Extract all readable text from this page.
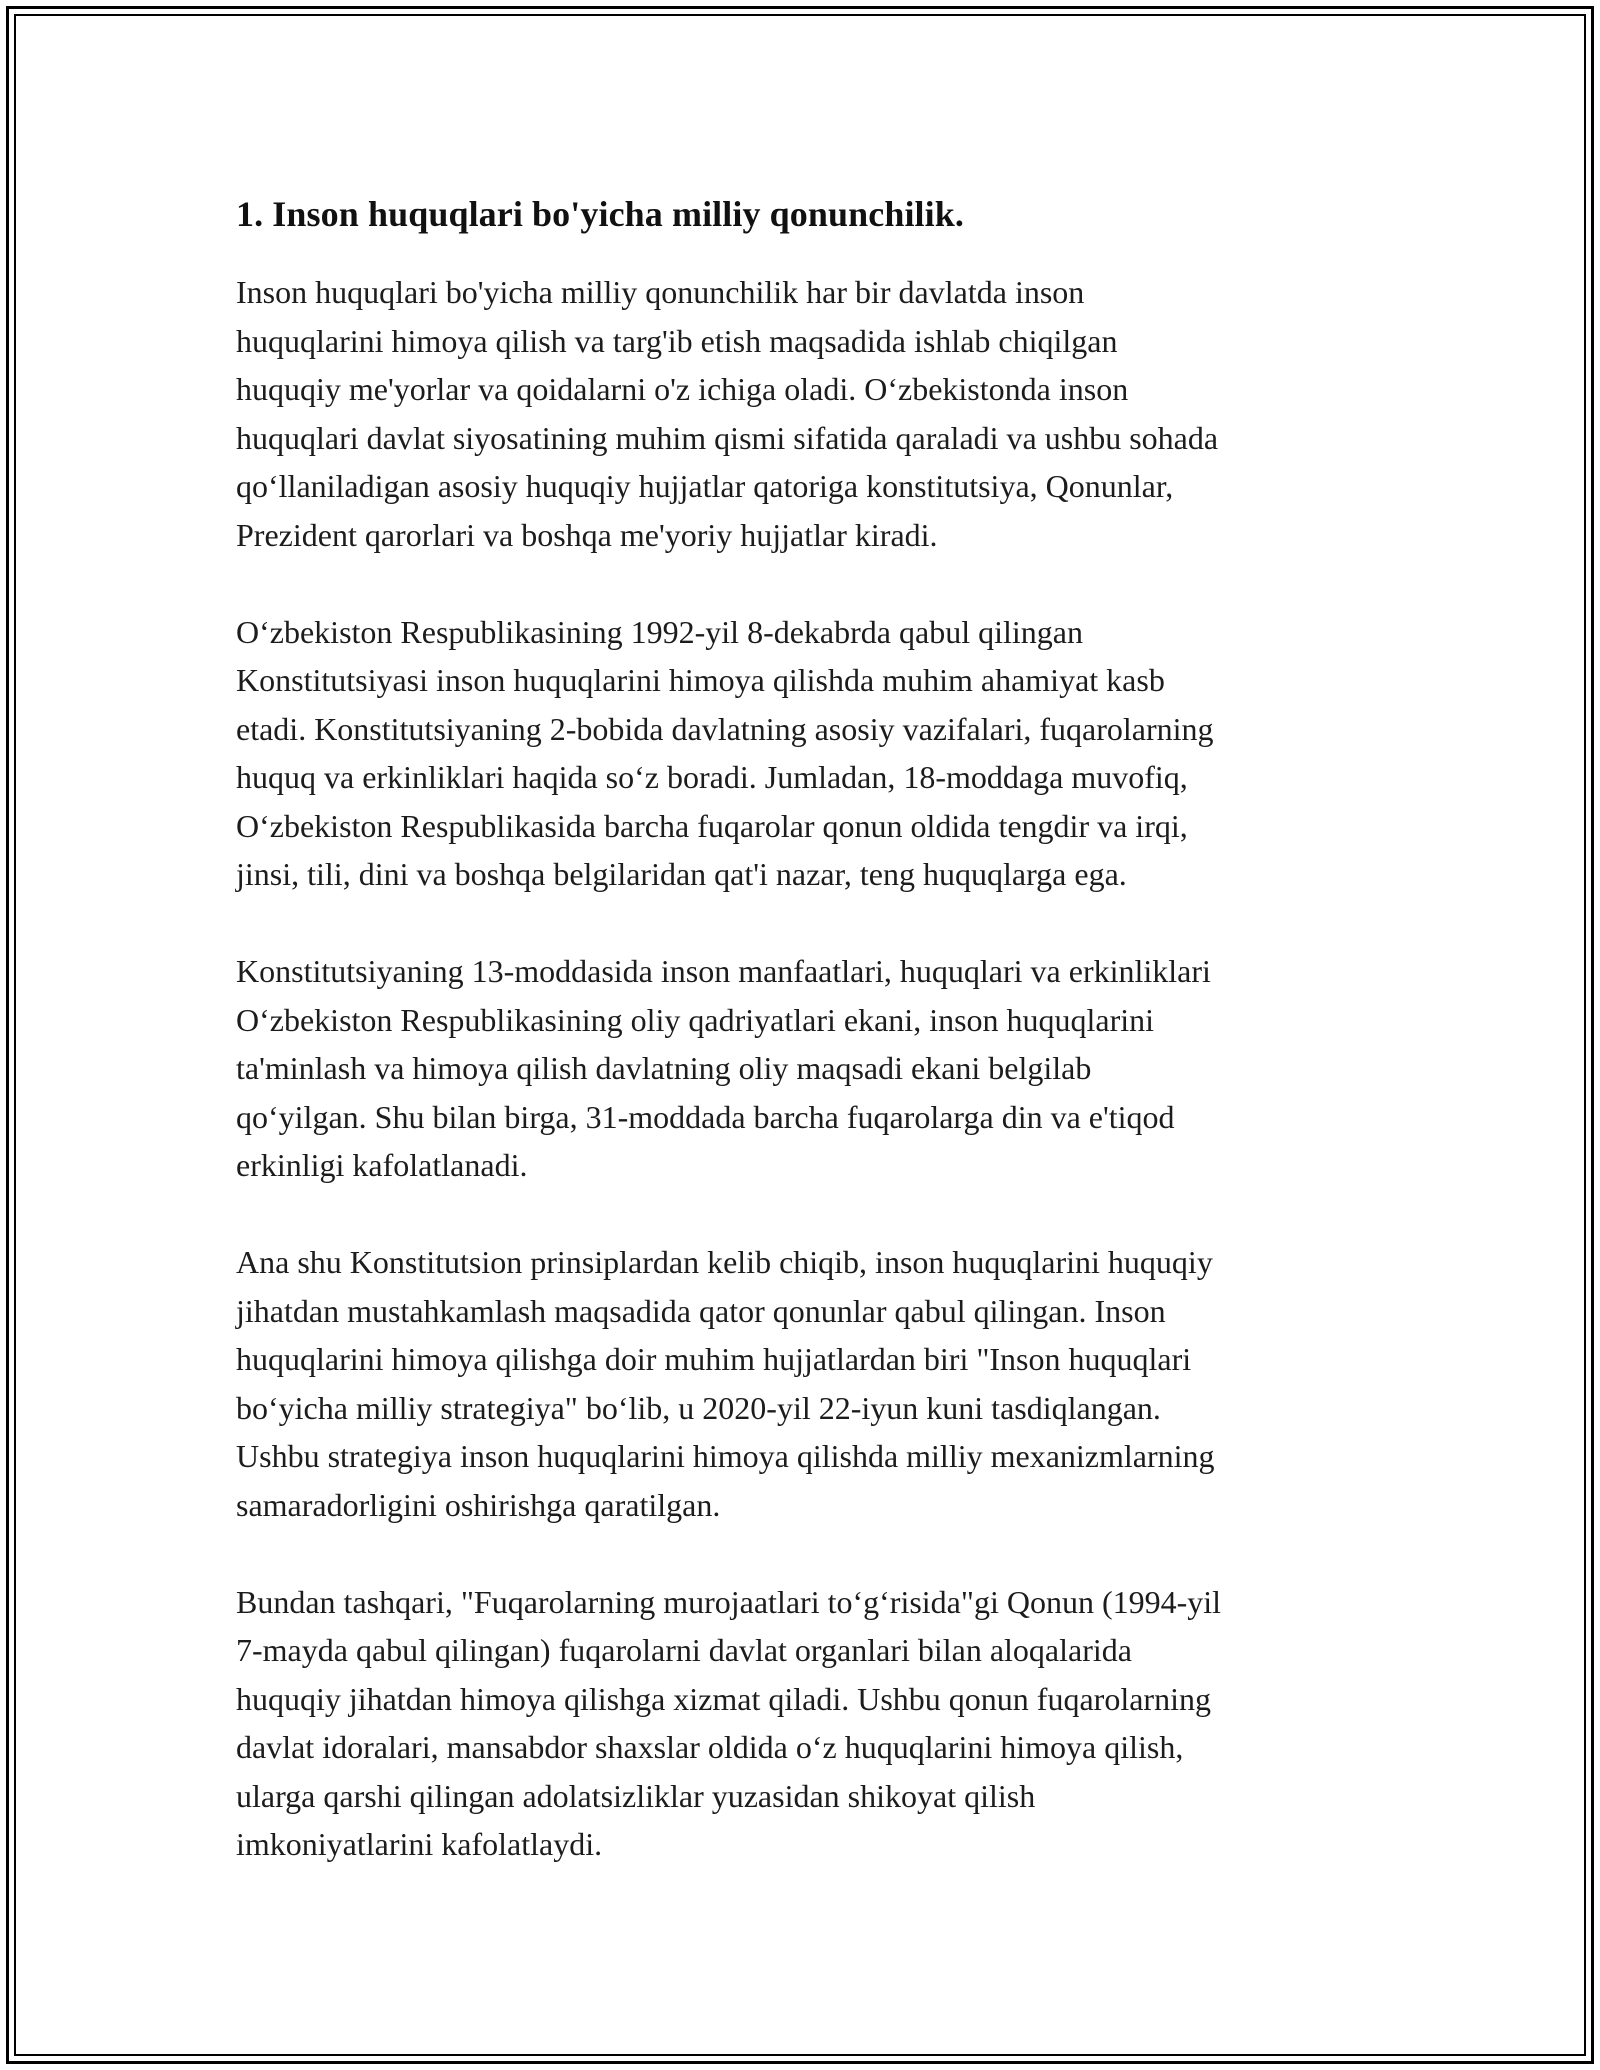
1. Inson huquqlari bo'yicha milliy qonunchilik.

Inson huquqlari bo'yicha milliy qonunchilik har bir davlatda inson
huquqlarini himoya qilish va targ'ib etish maqsadida ishlab chiqilgan
huquqiy me'yorlar va qoidalarni o'z ichiga oladi. Oʻzbekistonda inson
huquqlari davlat siyosatining muhim qismi sifatida qaraladi va ushbu sohada
qoʻllaniladigan asosiy huquqiy hujjatlar qatoriga konstitutsiya, Qonunlar,
Prezident qarorlari va boshqa me'yoriy hujjatlar kiradi.

Oʻzbekiston Respublikasining 1992-yil 8-dekabrda qabul qilingan
Konstitutsiyasi inson huquqlarini himoya qilishda muhim ahamiyat kasb
etadi. Konstitutsiyaning 2-bobida davlatning asosiy vazifalari, fuqarolarning
huquq va erkinliklari haqida soʻz boradi. Jumladan, 18-moddaga muvofiq,
Oʻzbekiston Respublikasida barcha fuqarolar qonun oldida tengdir va irqi,
jinsi, tili, dini va boshqa belgilaridan qat'i nazar, teng huquqlarga ega.

Konstitutsiyaning 13-moddasida inson manfaatlari, huquqlari va erkinliklari
Oʻzbekiston Respublikasining oliy qadriyatlari ekani, inson huquqlarini
ta'minlash va himoya qilish davlatning oliy maqsadi ekani belgilab
qoʻyilgan. Shu bilan birga, 31-moddada barcha fuqarolarga din va e'tiqod
erkinligi kafolatlanadi.

Ana shu Konstitutsion prinsiplardan kelib chiqib, inson huquqlarini huquqiy
jihatdan mustahkamlash maqsadida qator qonunlar qabul qilingan. Inson
huquqlarini himoya qilishga doir muhim hujjatlardan biri "Inson huquqlari
boʻyicha milliy strategiya" boʻlib, u 2020-yil 22-iyun kuni tasdiqlangan.
Ushbu strategiya inson huquqlarini himoya qilishda milliy mexanizmlarning
samaradorligini oshirishga qaratilgan.

Bundan tashqari, "Fuqarolarning murojaatlari toʻgʻrisida"gi Qonun (1994-yil
7-mayda qabul qilingan) fuqarolarni davlat organlari bilan aloqalarida
huquqiy jihatdan himoya qilishga xizmat qiladi. Ushbu qonun fuqarolarning
davlat idoralari, mansabdor shaxslar oldida oʻz huquqlarini himoya qilish,
ularga qarshi qilingan adolatsizliklar yuzasidan shikoyat qilish
imkoniyatlarini kafolatlaydi.
